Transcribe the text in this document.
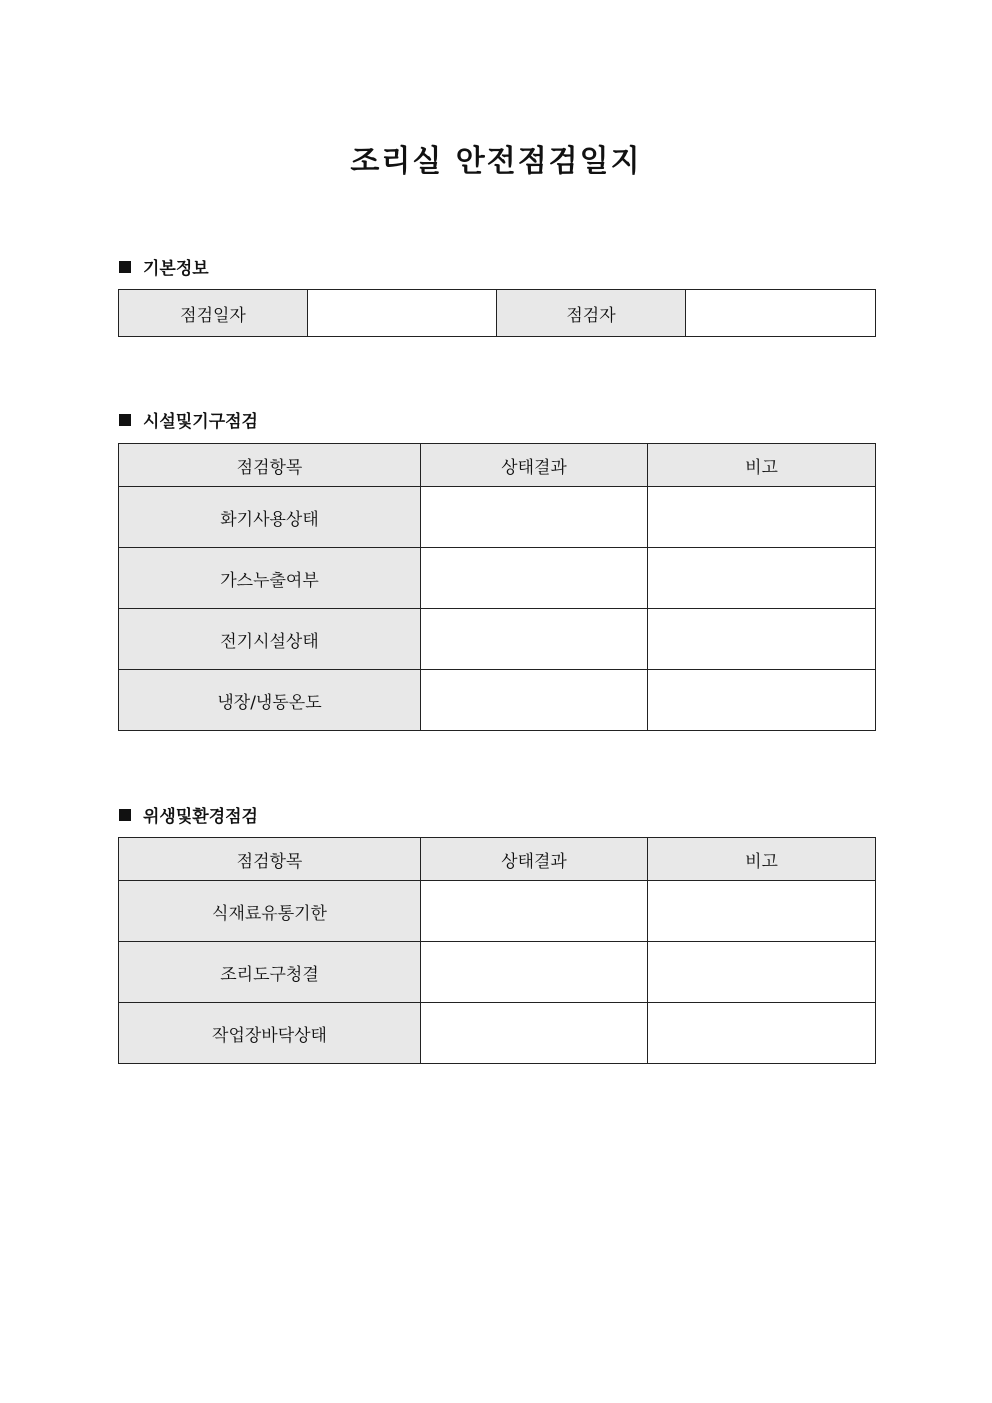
조리실 안전점검일지
기본정보
점검일자		점검자	
시설및기구점검
점검항목	상태결과	비고
화기사용상태		
가스누출여부		
전기시설상태		
냉장/냉동온도		
위생및환경점검
점검항목	상태결과	비고
식재료유통기한		
조리도구청결		
작업장바닥상태		
